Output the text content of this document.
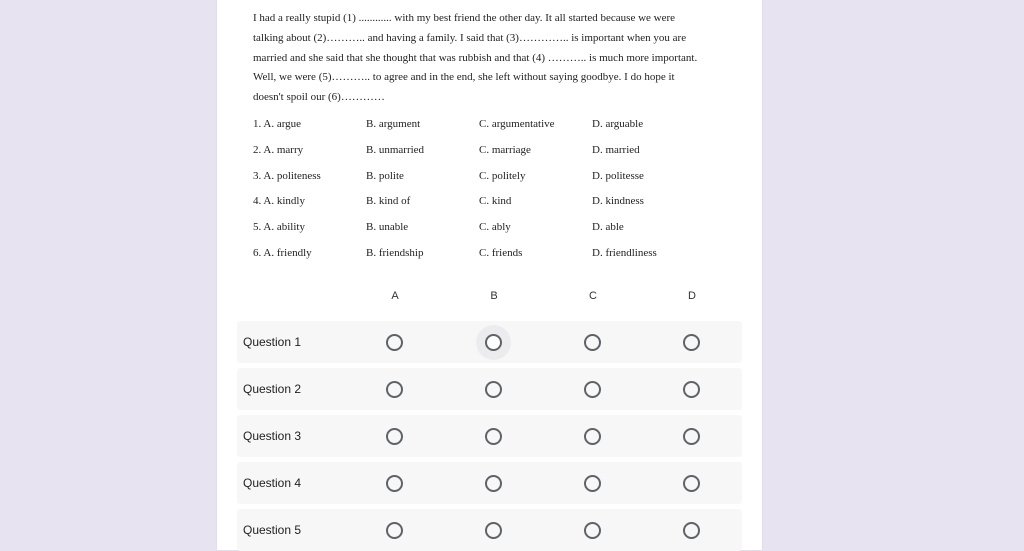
I had a really stupid (1) ............ with my best friend the other day. It all started because we were

talking about (2)……….. and having a family. I said that (3)………….. is important when you are

married and she said that she thought that was rubbish and that (4) ……….. is much more important.

Well, we were (5)……….. to agree and in the end, she left without saying goodbye. I do hope it

doesn't spoil our (6)…………

1. A. argue	B. argument	C. argumentative	D. arguable
2. A. marry	B. unmarried	C. marriage	D. married
3. A. politeness	B. polite	C. politely	D. politesse
4. A. kindly	B. kind of	C. kind	D. kindness
5. A. ability	B. unable	C. ably	D. able
6. A. friendly	B. friendship	C. friends	D. friendliness
A	B	C	D
Question 1
Question 2
Question 3
Question 4
Question 5
